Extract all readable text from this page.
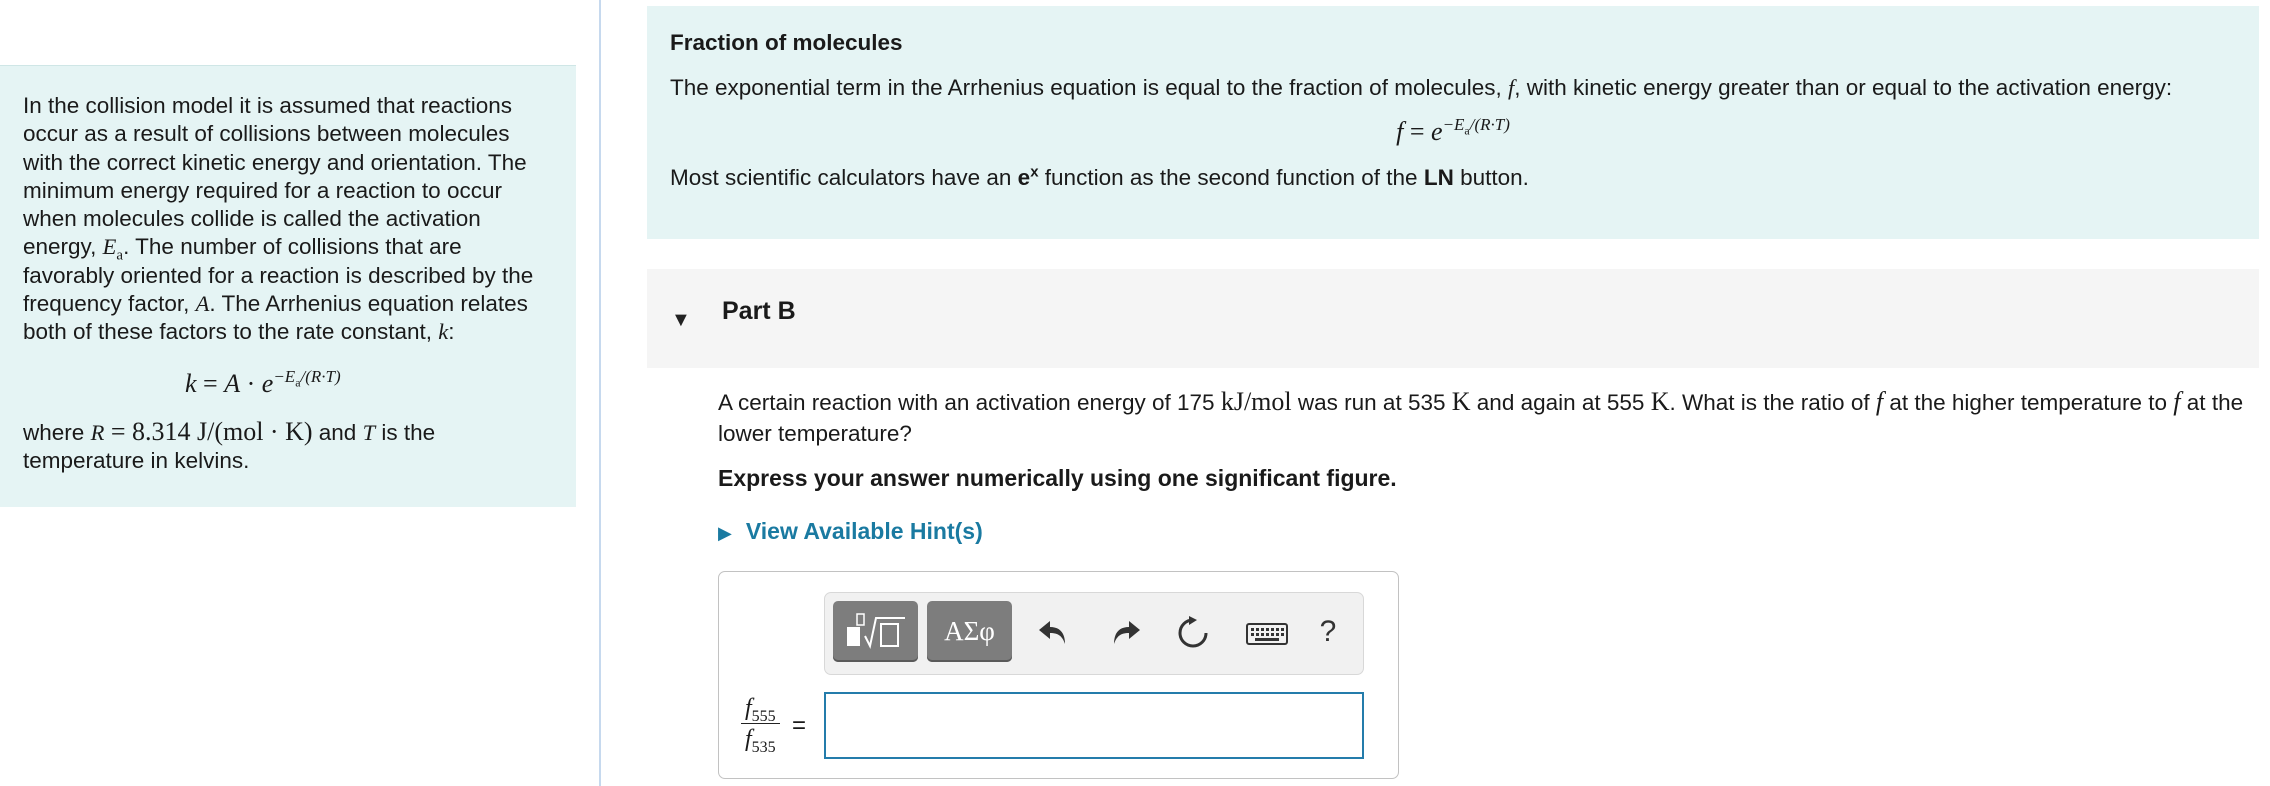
In the collision model it is assumed that reactions occur as a result of collisions between molecules with the correct kinetic energy and orientation. The minimum energy required for a reaction to occur when molecules collide is called the activation energy, $E_a$. The number of collisions that are favorably oriented for a reaction is described by the frequency factor, A. The Arrhenius equation relates both of these factors to the rate constant, k:

$k = A \cdot e^{-E_a/(R\cdot T)}$

where R = 8.314 J/(mol · K) and T is the temperature in kelvins.

Fraction of molecules

The exponential term in the Arrhenius equation is equal to the fraction of molecules, f, with kinetic energy greater than or equal to the activation energy:

$f = e^{-E_a/(R\cdot T)}$

Most scientific calculators have an $e^x$ function as the second function of the LN button.

▼ Part B
A certain reaction with an activation energy of 175 kJ/mol was run at 535 K and again at 555 K. What is the ratio of f at the higher temperature to f at the lower temperature?
Express your answer numerically using one significant figure.
▶ View Available Hint(s)
ΑΣφ	?
$\frac{f_{555}}{f_{535}}$ =
